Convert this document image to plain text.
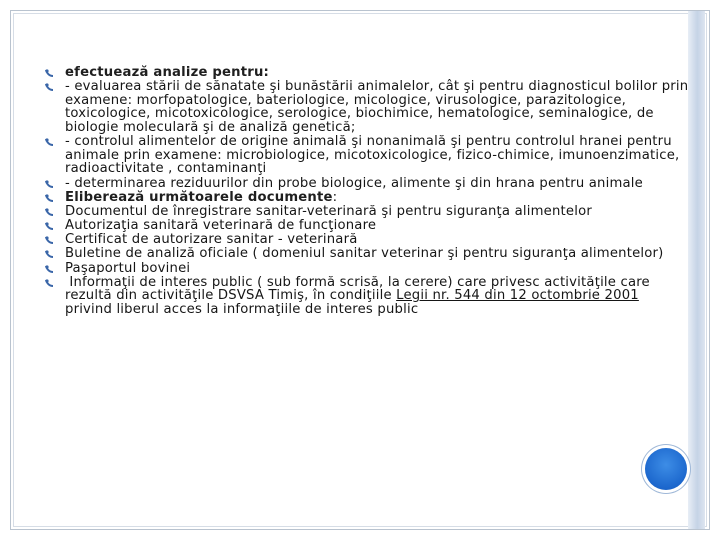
efectuează analize pentru:
- evaluarea stării de sănatate şi bunăstării animalelor, cât şi pentru diagnosticul bolilor prin examene: morfopatologice, bateriologice, micologice, virusologice, parazitologice, toxicologice, micotoxicologice, serologice, biochimice, hematologice, seminalogice, de biologie moleculară şi de analiză genetică;
- controlul alimentelor de origine animală şi nonanimală şi pentru controlul hranei pentru animale prin examene: microbiologice, micotoxicologice, fizico-chimice, imunoenzimatice, radioactivitate , contaminanţi
- determinarea reziduurilor din probe biologice, alimente şi din hrana pentru animale
Eliberează următoarele documente:
Documentul de înregistrare sanitar-veterinară şi pentru siguranţa alimentelor
Autorizaţia sanitară veterinară de funcţionare
Certificat de autorizare sanitar - veterinară
Buletine de analiză oficiale ( domeniul sanitar veterinar şi pentru siguranţa alimentelor)
Paşaportul bovinei
Informaţii de interes public ( sub formă scrisă, la cerere) care privesc activităţile care rezultă din activităţile DSVSA Timiş, în condiţiile Legii nr. 544 din 12 octombrie 2001 privind liberul acces la informaţiile de interes public
